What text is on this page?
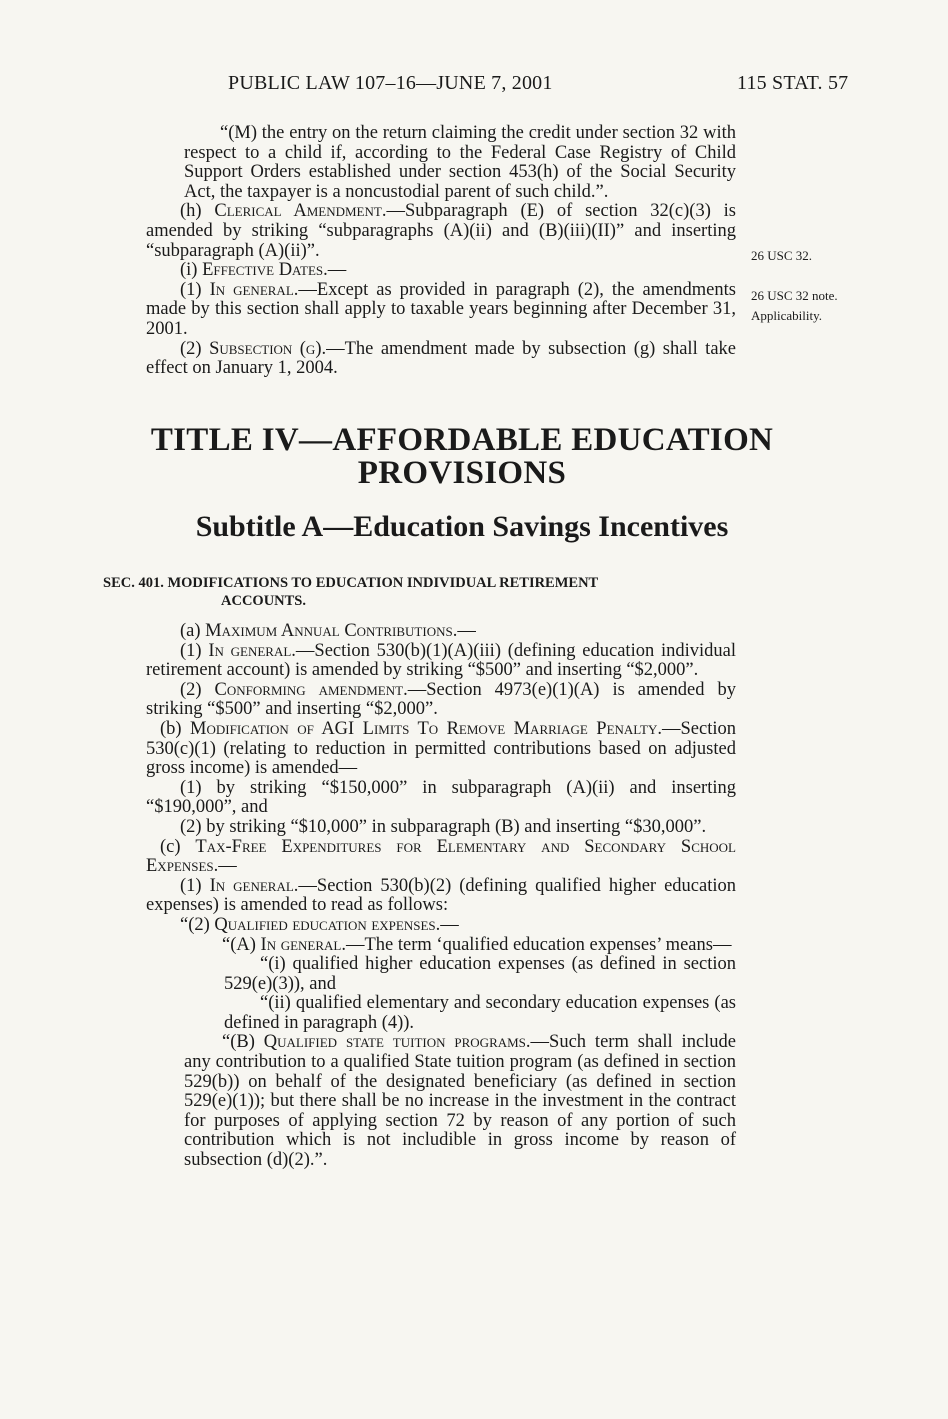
PUBLIC LAW 107–16—JUNE 7, 2001	115 STAT. 57

“(M) the entry on the return claiming the credit under section 32 with respect to a child if, according to the Federal Case Registry of Child Support Orders established under section 453(h) of the Social Security Act, the taxpayer is a noncustodial parent of such child.”.

(h) Clerical Amendment.—Subparagraph (E) of section 32(c)(3) is amended by striking “subparagraphs (A)(ii) and (B)(iii)(II)” and inserting “subparagraph (A)(ii)”.

(i) Effective Dates.—

(1) In general.—Except as provided in paragraph (2), the amendments made by this section shall apply to taxable years beginning after December 31, 2001.

(2) Subsection (g).—The amendment made by subsection (g) shall take effect on January 1, 2004.

26 USC 32.
26 USC 32 note.
Applicability.
TITLE IV—AFFORDABLE EDUCATION
PROVISIONS
Subtitle A—Education Savings Incentives
SEC. 401. MODIFICATIONS TO EDUCATION INDIVIDUAL RETIREMENT
ACCOUNTS.

(a) Maximum Annual Contributions.—

(1) In general.—Section 530(b)(1)(A)(iii) (defining education individual retirement account) is amended by striking “$500” and inserting “$2,000”.

(2) Conforming amendment.—Section 4973(e)(1)(A) is amended by striking “$500” and inserting “$2,000”.

(b) Modification of AGI Limits To Remove Marriage Penalty.—Section 530(c)(1) (relating to reduction in permitted contributions based on adjusted gross income) is amended—

(1) by striking “$150,000” in subparagraph (A)(ii) and inserting “$190,000”, and

(2) by striking “$10,000” in subparagraph (B) and inserting “$30,000”.

(c) Tax-Free Expenditures for Elementary and Secondary School Expenses.—

(1) In general.—Section 530(b)(2) (defining qualified higher education expenses) is amended to read as follows:

“(2) Qualified education expenses.—

“(A) In general.—The term ‘qualified education expenses’ means—

“(i) qualified higher education expenses (as defined in section 529(e)(3)), and

“(ii) qualified elementary and secondary education expenses (as defined in paragraph (4)).

“(B) Qualified state tuition programs.—Such term shall include any contribution to a qualified State tuition program (as defined in section 529(b)) on behalf of the designated beneficiary (as defined in section 529(e)(1)); but there shall be no increase in the investment in the contract for purposes of applying section 72 by reason of any portion of such contribution which is not includible in gross income by reason of subsection (d)(2).”.
